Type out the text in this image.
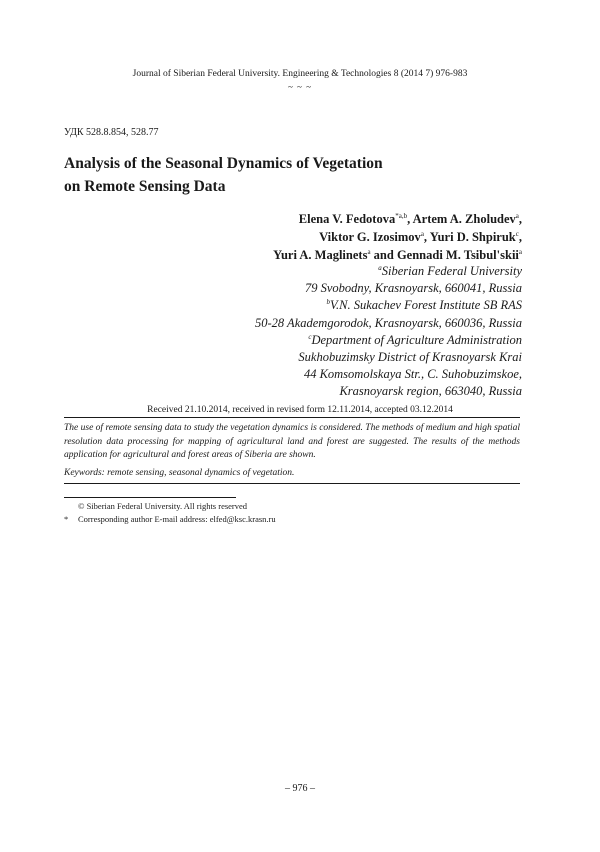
Journal of Siberian Federal University. Engineering & Technologies 8 (2014 7) 976-983
~ ~ ~
УДК 528.8.854, 528.77
Analysis of the Seasonal Dynamics of Vegetation
on Remote Sensing Data
Elena V. Fedotova$^{*a,b}$, Artem A. Zholudev$^a$,
Viktor G. Izosimov$^a$, Yuri D. Shpiruk$^c$,
Yuri A. Maglinets$^a$ and Gennadi M. Tsibul'skii$^a$
$^a$Siberian Federal University
79 Svobodny, Krasnoyarsk, 660041, Russia
$^b$V.N. Sukachev Forest Institute SB RAS
50-28 Akademgorodok, Krasnoyarsk, 660036, Russia
$^c$Department of Agriculture Administration
Sukhobuzimsky District of Krasnoyarsk Krai
44 Komsomolskaya Str., C. Suhobuzimskoe,
Krasnoyarsk region, 663040, Russia
Received 21.10.2014, received in revised form 12.11.2014, accepted 03.12.2014
The use of remote sensing data to study the vegetation dynamics is considered. The methods of medium and high spatial resolution data processing for mapping of agricultural land and forest are suggested. The results of the methods application for agricultural and forest areas of Siberia are shown.
Keywords: remote sensing, seasonal dynamics of vegetation.
© Siberian Federal University. All rights reserved
* Corresponding author E-mail address: elfed@ksc.krasn.ru
– 976 –
